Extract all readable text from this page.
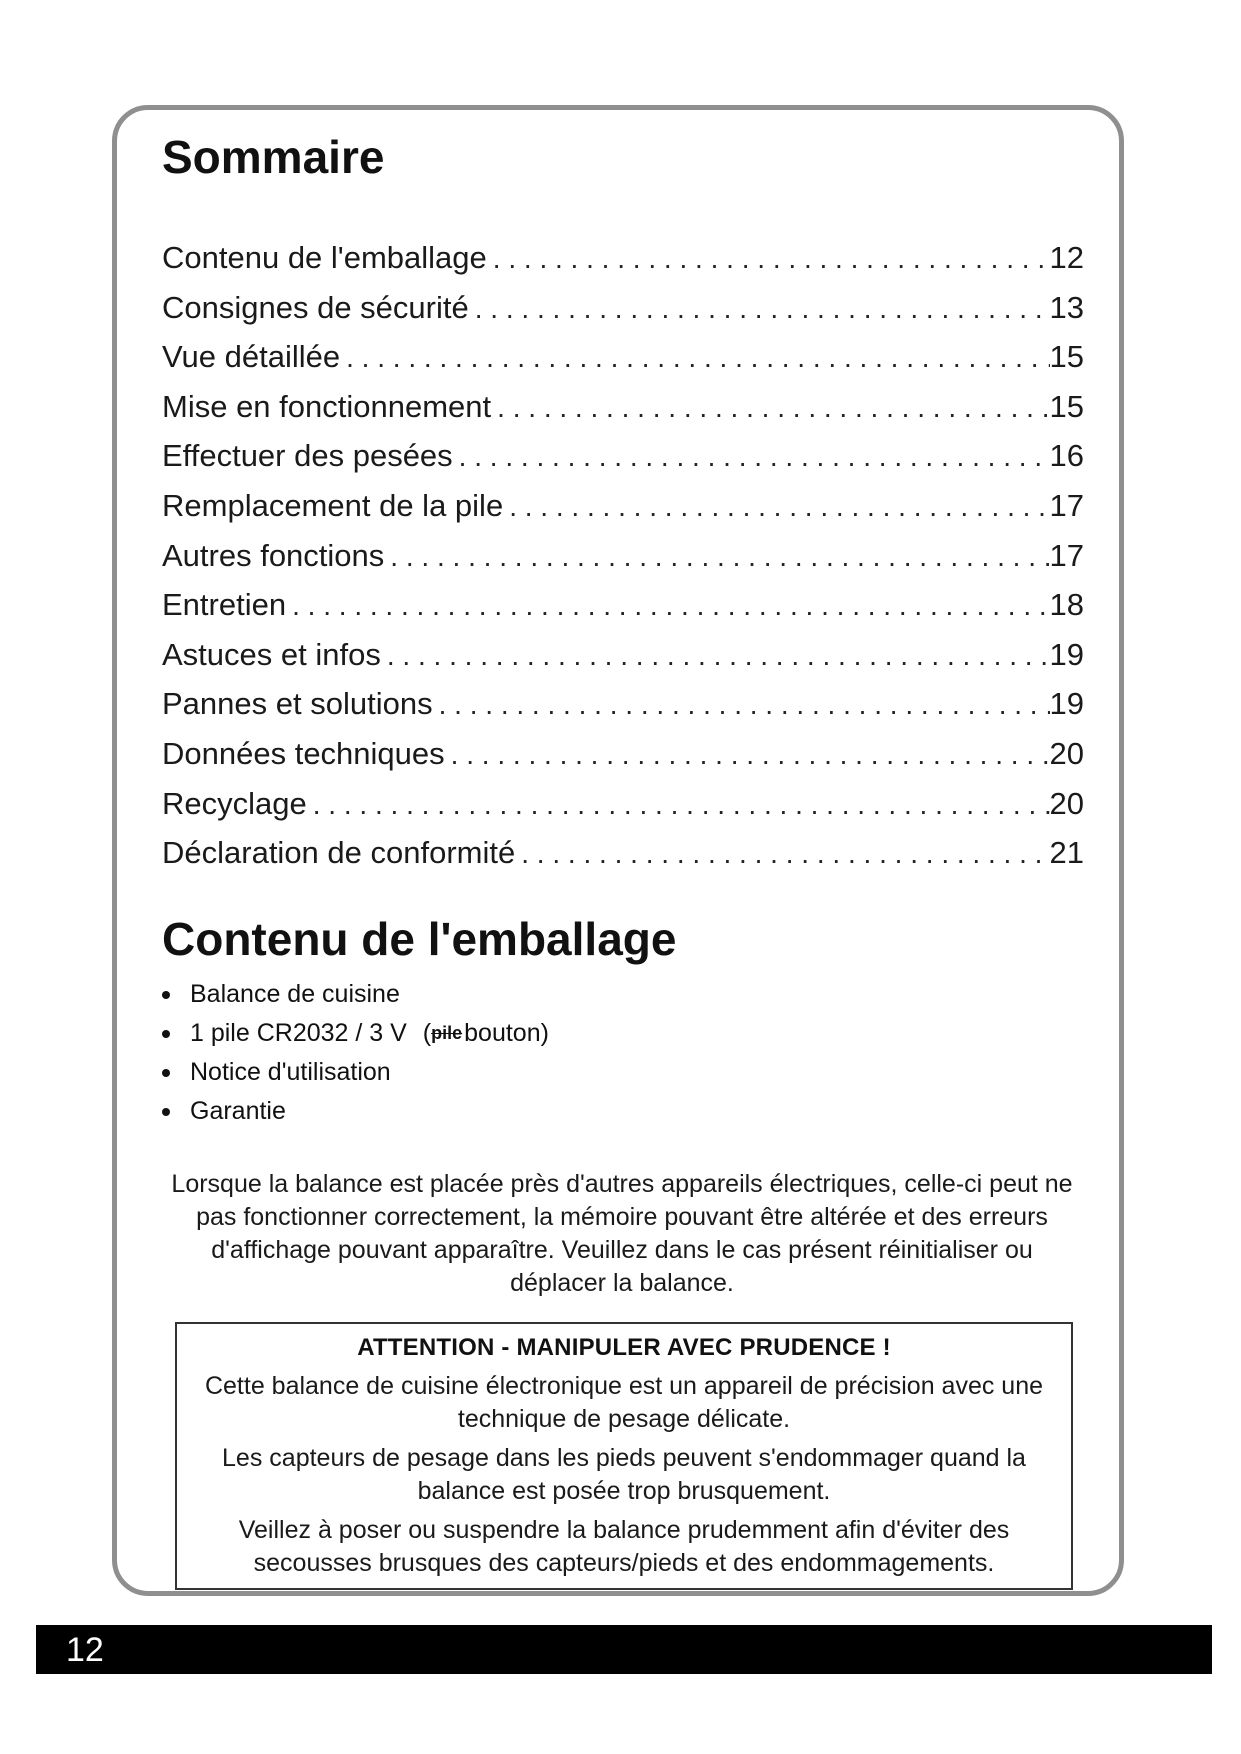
Sommaire
Contenu de l'emballage . . .	12
Consignes de sécurité . . .	13
Vue détaillée . . .	15
Mise en fonctionnement . . .	15
Effectuer des pesées . . .	16
Remplacement de la pile . . .	17
Autres fonctions . . .	17
Entretien . . .	18
Astuces et infos . . .	19
Pannes et solutions . . .	19
Données techniques . . .	20
Recyclage . . .	20
Déclaration de conformité . . .	21
Contenu de l'emballage
Balance de cuisine
1 pile CR2032 / 3 V ( pile bouton)
Notice d'utilisation
Garantie

Lorsque la balance est placée près d'autres appareils électriques, celle-ci peut ne pas fonctionner correctement, la mémoire pouvant être altérée et des erreurs d'affichage pouvant apparaître. Veuillez dans le cas présent réinitialiser ou déplacer la balance.

ATTENTION - MANIPULER AVEC PRUDENCE !

Cette balance de cuisine électronique est un appareil de précision avec une technique de pesage délicate.

Les capteurs de pesage dans les pieds peuvent s'endommager quand la balance est posée trop brusquement.

Veillez à poser ou suspendre la balance prudemment afin d'éviter des secousses brusques des capteurs/pieds et des endommagements.

12
